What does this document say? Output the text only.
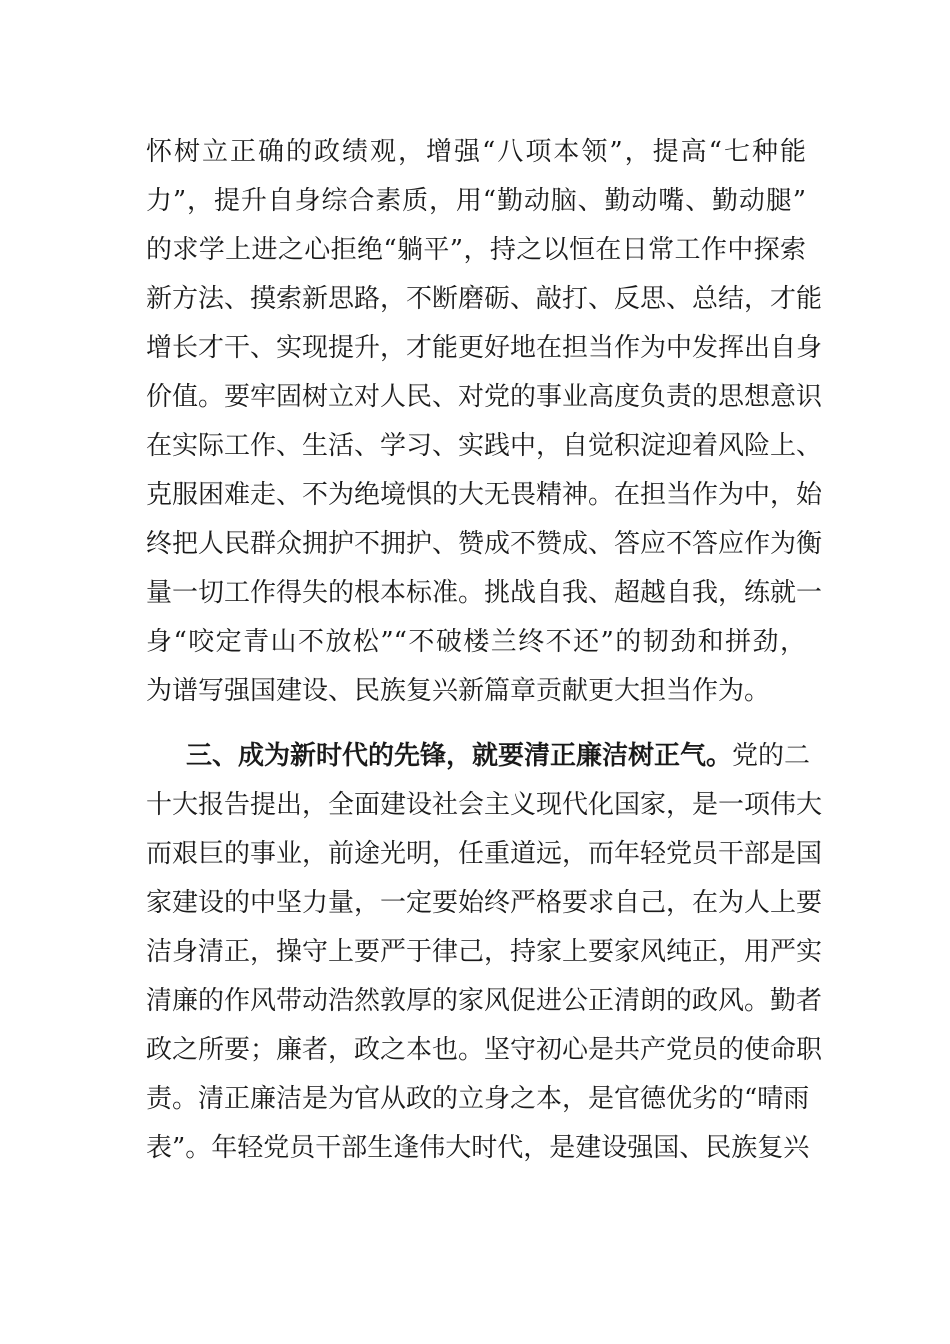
怀树立正确的政绩观，增强“八项本领”，提高“七种能
力”，提升自身综合素质，用“勤动脑、勤动嘴、勤动腿”
的求学上进之心拒绝“躺平”，持之以恒在日常工作中探索
新方法、摸索新思路，不断磨砺、敲打、反思、总结，才能
增长才干、实现提升，才能更好地在担当作为中发挥出自身
价值。要牢固树立对人民、对党的事业高度负责的思想意识
在实际工作、生活、学习、实践中，自觉积淀迎着风险上、
克服困难走、不为绝境惧的大无畏精神。在担当作为中，始
终把人民群众拥护不拥护、赞成不赞成、答应不答应作为衡
量一切工作得失的根本标准。挑战自我、超越自我，练就一
身“咬定青山不放松”“不破楼兰终不还”的韧劲和拼劲，
为谱写强国建设、民族复兴新篇章贡献更大担当作为。
三、成为新时代的先锋，就要清正廉洁树正气。党的二
十大报告提出，全面建设社会主义现代化国家，是一项伟大
而艰巨的事业，前途光明，任重道远，而年轻党员干部是国
家建设的中坚力量，一定要始终严格要求自己，在为人上要
洁身清正，操守上要严于律己，持家上要家风纯正，用严实
清廉的作风带动浩然敦厚的家风促进公正清朗的政风。勤者
政之所要；廉者，政之本也。坚守初心是共产党员的使命职
责。清正廉洁是为官从政的立身之本，是官德优劣的“晴雨
表”。年轻党员干部生逢伟大时代，是建设强国、民族复兴
